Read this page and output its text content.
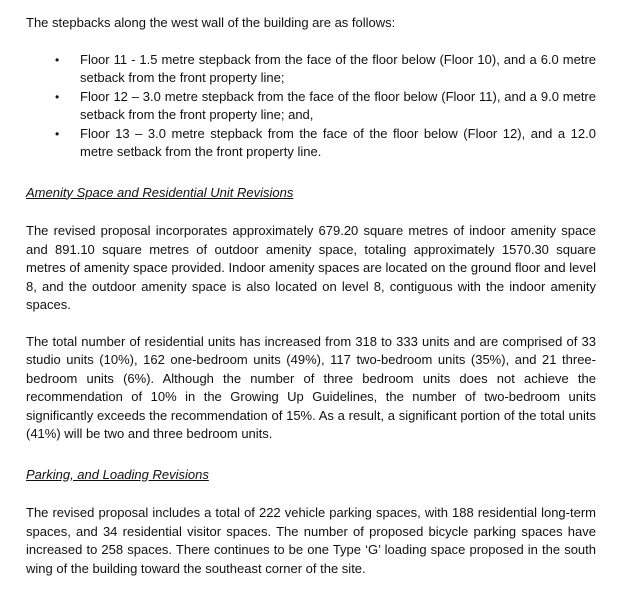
The stepbacks along the west wall of the building are as follows:

•	Floor 11 - 1.5 metre stepback from the face of the floor below (Floor 10), and a 6.0 metre setback from the front property line;
•	Floor 12 – 3.0 metre stepback from the face of the floor below (Floor 11), and a 9.0 metre setback from the front property line; and,
•	Floor 13 – 3.0 metre stepback from the face of the floor below (Floor 12), and a 12.0 metre setback from the front property line.
Amenity Space and Residential Unit Revisions

The revised proposal incorporates approximately 679.20 square metres of indoor amenity space and 891.10 square metres of outdoor amenity space, totaling approximately 1570.30 square metres of amenity space provided. Indoor amenity spaces are located on the ground floor and level 8, and the outdoor amenity space is also located on level 8, contiguous with the indoor amenity spaces.

The total number of residential units has increased from 318 to 333 units and are comprised of 33 studio units (10%), 162 one-bedroom units (49%), 117 two-bedroom units (35%), and 21 three-bedroom units (6%). Although the number of three bedroom units does not achieve the recommendation of 10% in the Growing Up Guidelines, the number of two-bedroom units significantly exceeds the recommendation of 15%. As a result, a significant portion of the total units (41%) will be two and three bedroom units.

Parking, and Loading Revisions

The revised proposal includes a total of 222 vehicle parking spaces, with 188 residential long-term spaces, and 34 residential visitor spaces. The number of proposed bicycle parking spaces have increased to 258 spaces. There continues to be one Type ‘G’ loading space proposed in the south wing of the building toward the southeast corner of the site.
